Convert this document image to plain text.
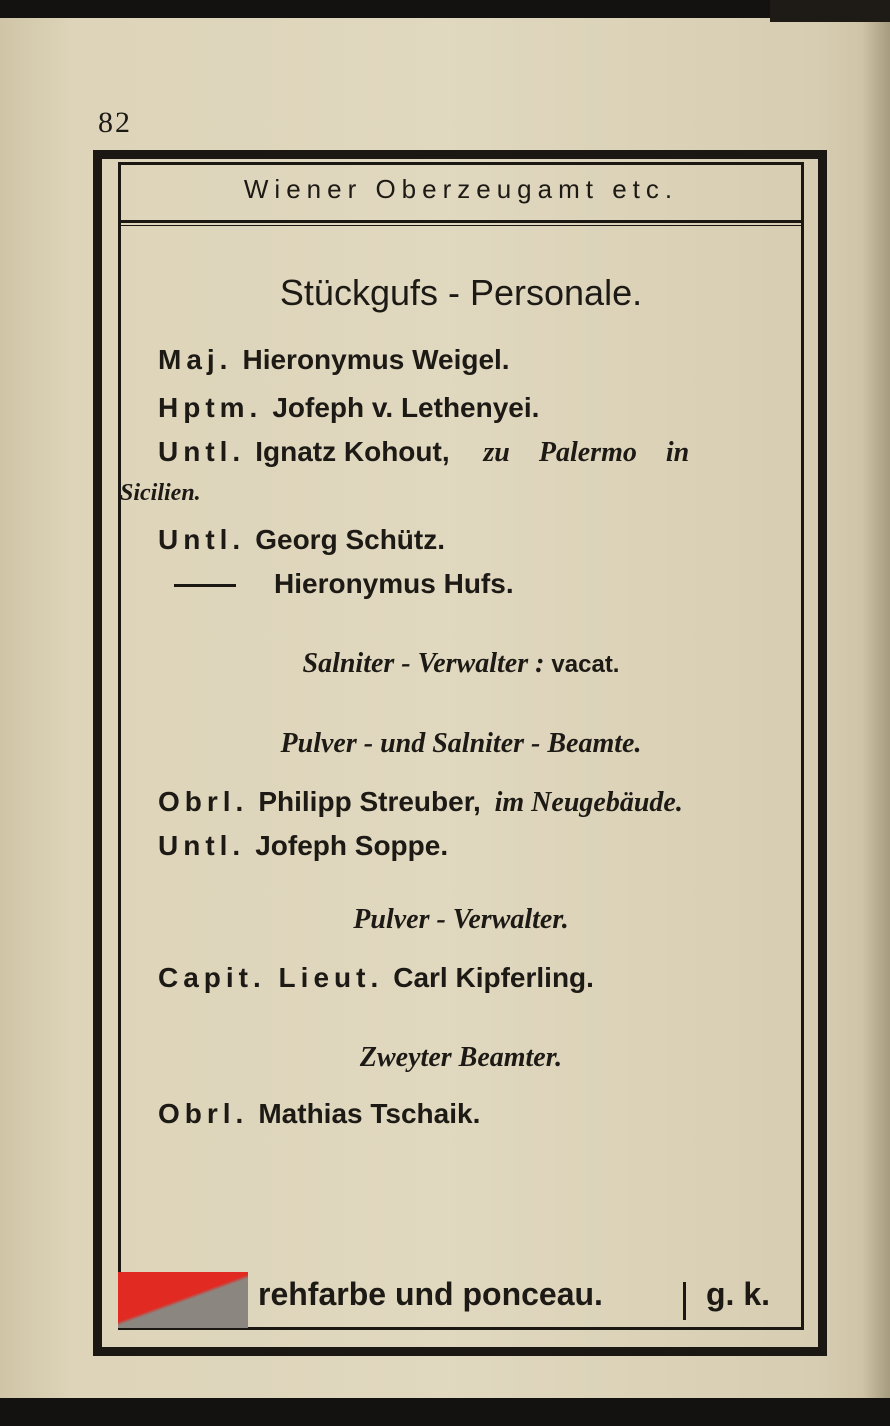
82
Wiener Oberzeugamt etc.
Stückgufs - Personale.
Maj. Hieronymus Weigel.
Hptm. Jofeph v. Lethenyei.
Untl. Ignatz Kohout, zu Palermo in
Sicilien.
Untl. Georg Schütz.
Hieronymus Hufs.
Salniter - Verwalter : vacat.
Pulver - und Salniter - Beamte.
Obrl. Philipp Streuber, im Neugebäude.
Untl. Jofeph Soppe.
Pulver - Verwalter.
Capit. Lieut. Carl Kipferling.
Zweyter Beamter.
Obrl. Mathias Tschaik.
rehfarbe und ponceau.	g. k.
